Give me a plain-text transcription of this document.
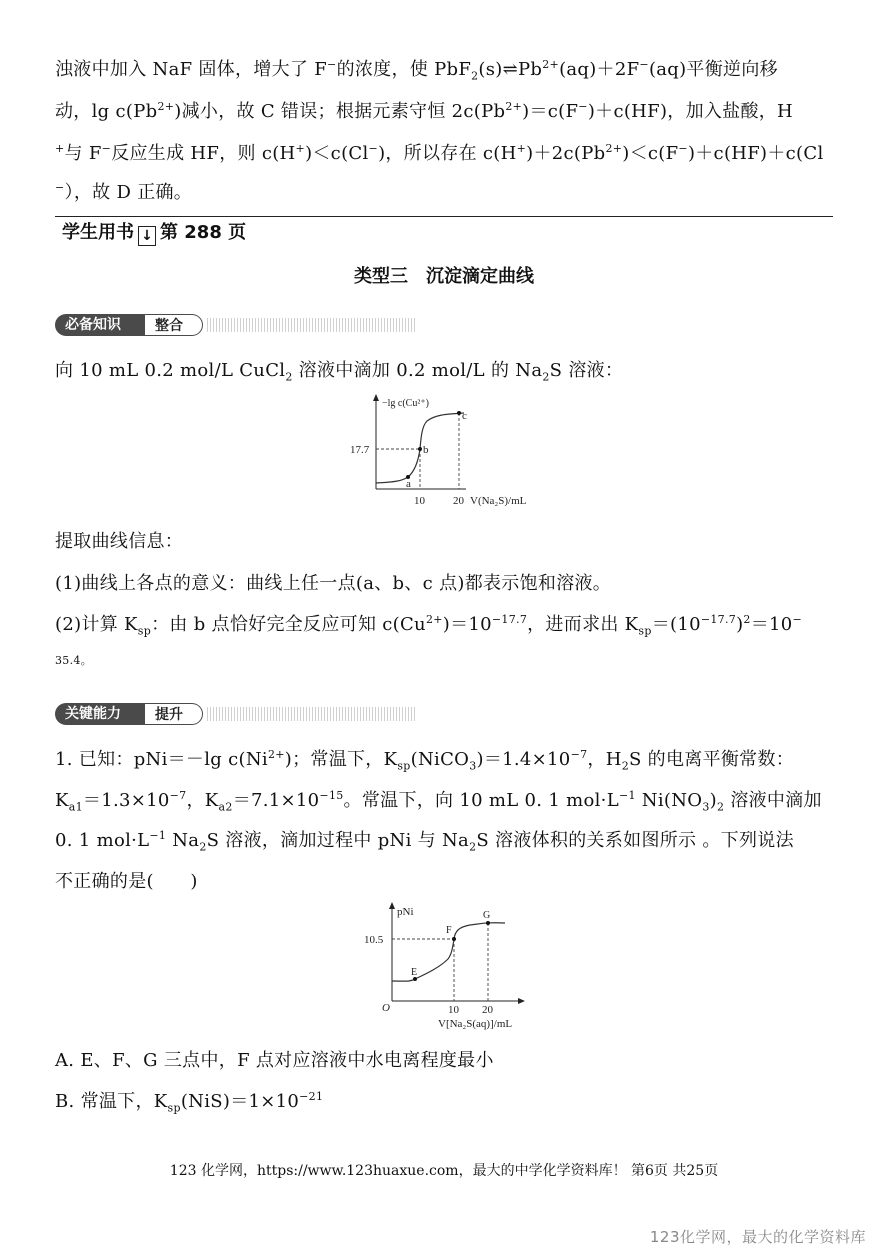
浊液中加入 NaF 固体，增大了 F−的浓度，使 $PbF_2(s)\rightleftharpoons Pb^{2+}(aq)+2F^-(aq)$平衡逆向移
动，$\lg c(Pb^{2+})$减小，故 C 错误；根据元素守恒 $2c(Pb^{2+})=c(F^-)+c(HF)$，加入盐酸，H
+与 F−反应生成 HF，则 c(H+)＜c(Cl−)，所以存在 $c(H^+)+2c(Pb^{2+})<c(F^-)+c(HF)+c(Cl$
−），故 D 正确。
学生用书 ↓ 第 288 页
类型三　沉淀滴定曲线
必备知识	整合
向 10 mL 0.2 mol/L CuCl$_2$ 溶液中滴加 0.2 mol/L 的 $Na_2S$ 溶液：
−lg c(Cu²⁺)
a
b
c
17.7
10	20 V(Na₂S)/mL
提取曲线信息：
(1)曲线上各点的意义：曲线上任一点(a、b、c 点)都表示饱和溶液。
(2)计算 $K_{sp}$：由 b 点恰好完全反应可知 $c(Cu^{2+})=10^{-17.7}$，进而求出 $K_{sp}=(10^{-17.7})^2=10^-$
35.4。
关键能力	提升
1. 已知：pNi＝－lg $c(Ni^{2+})$；常温下，$K_{sp}(NiCO_3)=1.4\times 10^{-7}$，$H_2S$ 的电离平衡常数：
$K_{a1}=1.3\times 10^{-7}$，$K_{a2}=7.1\times 10^{-15}$。常温下，向 10 mL 0. 1 $mol\cdot L^{-1}$ $Ni(NO_3)_2$ 溶液中滴加
0. 1 $mol\cdot L^{-1}$ $Na_2S$ 溶液，滴加过程中 pNi 与 $Na_2S$ 溶液体积的关系如图所示 。下列说法
不正确的是(　　)
pNi
O
E
F
G
10.5
10 20
V[Na₂S(aq)]/mL
A. E、F、G 三点中，F 点对应溶液中水电离程度最小
B. 常温下，$K_{sp}(NiS)=1\times 10^{-21}$
123 化学网，https://www.123huaxue.com，最大的中学化学资料库！ 第6页 共25页
123化学网，最大的化学资料库
